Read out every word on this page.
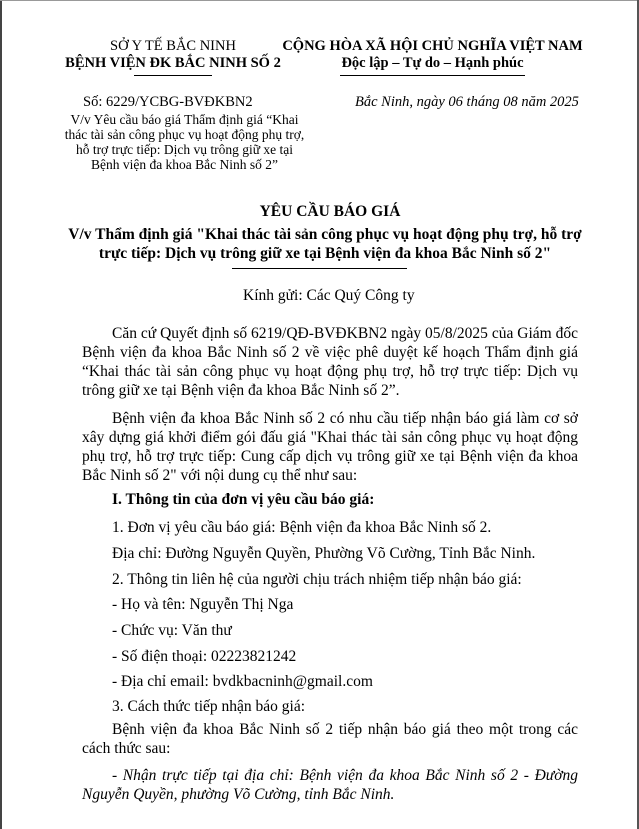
SỞ Y TẾ BẮC NINH
BỆNH VIỆN ĐK BẮC NINH SỐ 2
CỘNG HÒA XÃ HỘI CHỦ NGHĨA VIỆT NAM
Độc lập – Tự do – Hạnh phúc
Số: 6229/YCBG-BVĐKBN2	Bắc Ninh, ngày 06 tháng 08 năm 2025
V/v Yêu cầu báo giá Thẩm định giá “Khai thác tài sản công phục vụ hoạt động phụ trợ, hỗ trợ trực tiếp: Dịch vụ trông giữ xe tại Bệnh viện đa khoa Bắc Ninh số 2”
YÊU CẦU BÁO GIÁ
V/v Thẩm định giá "Khai thác tài sản công phục vụ hoạt động phụ trợ, hỗ trợ trực tiếp: Dịch vụ trông giữ xe tại Bệnh viện đa khoa Bắc Ninh số 2"
Kính gửi: Các Quý Công ty
Căn cứ Quyết định số 6219/QĐ-BVĐKBN2 ngày 05/8/2025 của Giám đốc Bệnh viện đa khoa Bắc Ninh số 2 về việc phê duyệt kế hoạch Thẩm định giá “Khai thác tài sản công phục vụ hoạt động phụ trợ, hỗ trợ trực tiếp: Dịch vụ trông giữ xe tại Bệnh viện đa khoa Bắc Ninh số 2”.
Bệnh viện đa khoa Bắc Ninh số 2 có nhu cầu tiếp nhận báo giá làm cơ sở xây dựng giá khởi điểm gói đấu giá "Khai thác tài sản công phục vụ hoạt động phụ trợ, hỗ trợ trực tiếp: Cung cấp dịch vụ trông giữ xe tại Bệnh viện đa khoa Bắc Ninh số 2" với nội dung cụ thể như sau:
I. Thông tin của đơn vị yêu cầu báo giá:
1. Đơn vị yêu cầu báo giá: Bệnh viện đa khoa Bắc Ninh số 2.
Địa chỉ: Đường Nguyễn Quyền, Phường Võ Cường, Tỉnh Bắc Ninh.
2. Thông tin liên hệ của người chịu trách nhiệm tiếp nhận báo giá:
- Họ và tên: Nguyễn Thị Nga
- Chức vụ: Văn thư
- Số điện thoại: 02223821242
- Địa chỉ email: bvdkbacninh@gmail.com
3. Cách thức tiếp nhận báo giá:
Bệnh viện đa khoa Bắc Ninh số 2 tiếp nhận báo giá theo một trong các cách thức sau:
- Nhận trực tiếp tại địa chỉ: Bệnh viện đa khoa Bắc Ninh số 2 - Đường Nguyễn Quyền, phường Võ Cường, tỉnh Bắc Ninh.
